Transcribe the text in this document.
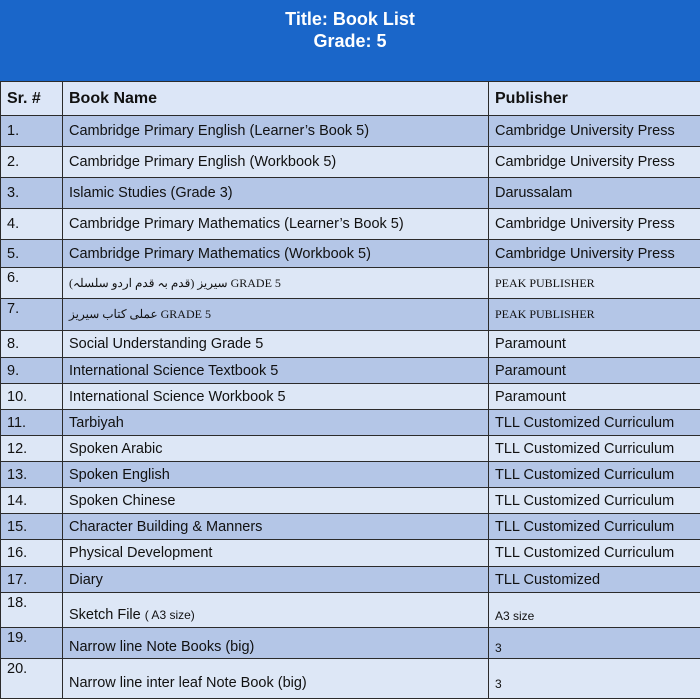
Title: Book List
Grade: 5
Sr. #	Book Name	Publisher
1.	Cambridge Primary English (Learner’s Book 5)	Cambridge University Press
2.	Cambridge Primary English (Workbook 5)	Cambridge University Press
3.	Islamic Studies (Grade 3)	Darussalam
4.	Cambridge Primary Mathematics (Learner’s Book 5)	Cambridge University Press
5.	Cambridge Primary Mathematics (Workbook 5)	Cambridge University Press
6.	(قدم بہ قدم اردو سلسلہ) سیریز GRADE 5	PEAK PUBLISHER
7.	عملی کتاب سیریز GRADE 5	PEAK PUBLISHER
8.	Social Understanding Grade 5	Paramount
9.	International Science Textbook 5	Paramount
10.	International Science Workbook 5	Paramount
11.	Tarbiyah	TLL Customized Curriculum
12.	Spoken Arabic	TLL Customized Curriculum
13.	Spoken English	TLL Customized Curriculum
14.	Spoken Chinese	TLL Customized Curriculum
15.	Character Building & Manners	TLL Customized Curriculum
16.	Physical Development	TLL Customized Curriculum
17.	Diary	TLL Customized
18.	Sketch File ( A3 size)	A3 size
19.	Narrow line Note Books (big)	3
20.	Narrow line inter leaf Note Book (big)	3
